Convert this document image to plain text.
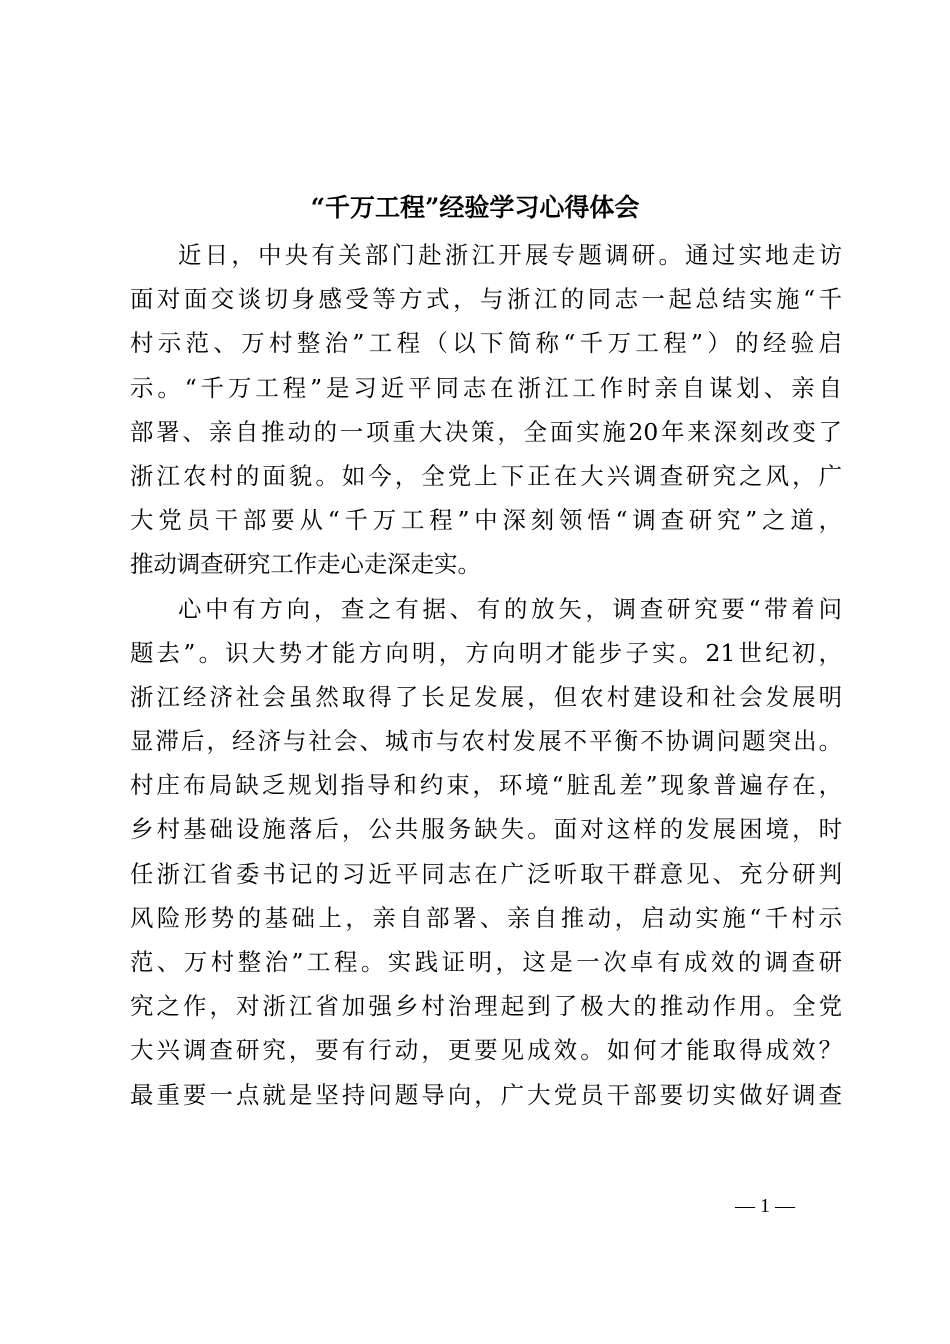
“千万工程”经验学习心得体会
近日，中央有关部门赴浙江开展专题调研。通过实地走访
面对面交谈切身感受等方式，与浙江的同志一起总结实施“千
村示范、万村整治”工程（以下简称“千万工程”）的经验启
示。“千万工程”是习近平同志在浙江工作时亲自谋划、亲自
部署、亲自推动的一项重大决策，全面实施20年来深刻改变了
浙江农村的面貌。如今，全党上下正在大兴调查研究之风，广
大党员干部要从“千万工程”中深刻领悟“调查研究”之道，
推动调查研究工作走心走深走实。
心中有方向，查之有据、有的放矢，调查研究要“带着问
题去”。识大势才能方向明，方向明才能步子实。21世纪初，
浙江经济社会虽然取得了长足发展，但农村建设和社会发展明
显滞后，经济与社会、城市与农村发展不平衡不协调问题突出。
村庄布局缺乏规划指导和约束，环境“脏乱差”现象普遍存在，
乡村基础设施落后，公共服务缺失。面对这样的发展困境，时
任浙江省委书记的习近平同志在广泛听取干群意见、充分研判
风险形势的基础上，亲自部署、亲自推动，启动实施“千村示
范、万村整治”工程。实践证明，这是一次卓有成效的调查研
究之作，对浙江省加强乡村治理起到了极大的推动作用。全党
大兴调查研究，要有行动，更要见成效。如何才能取得成效？
最重要一点就是坚持问题导向，广大党员干部要切实做好调查
— 1 —
